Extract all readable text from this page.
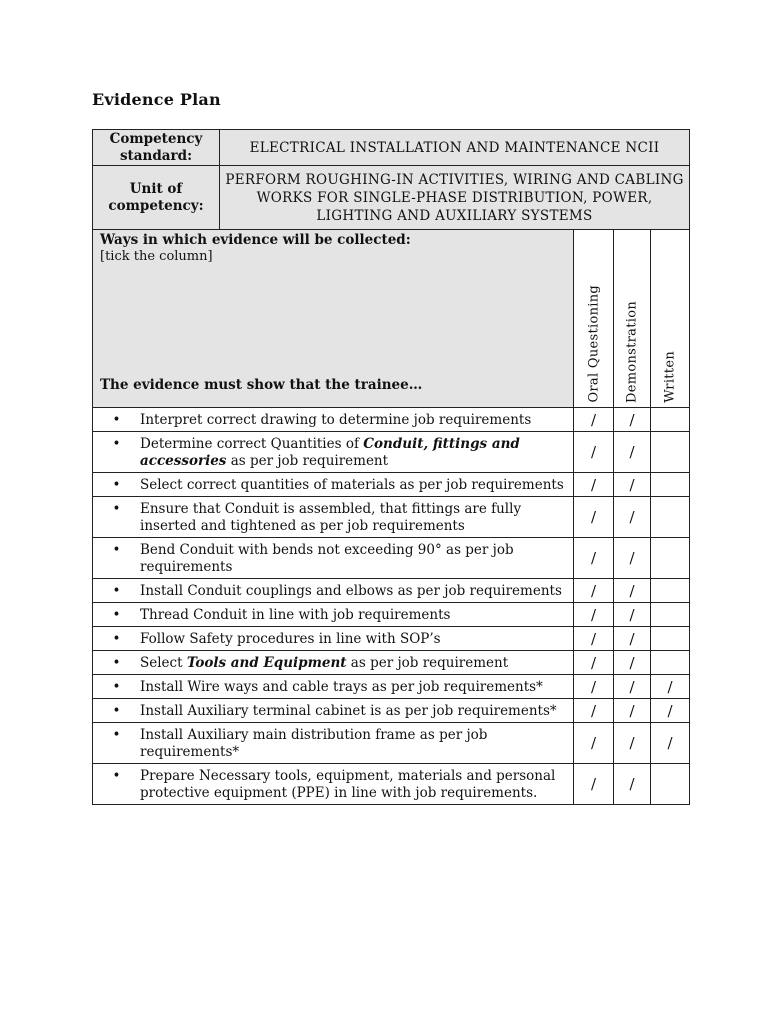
Evidence Plan
Competency standard:	ELECTRICAL INSTALLATION AND MAINTENANCE NCII			
Unit of competency:	PERFORM ROUGHING-IN ACTIVITIES, WIRING AND CABLING WORKS FOR SINGLE-PHASE DISTRIBUTION, POWER, LIGHTING AND AUXILIARY SYSTEMS			

Ways in which evidence will be collected:
[tick the column]
The evidence must show that the trainee…		Oral Questioning	Demonstration	Written

• Interpret correct drawing to determine job requirements		/	/	

• Determine correct Quantities of Conduit, fittings and accessories as per job requirement		/	/	

• Select correct quantities of materials as per job requirements		/	/	

• Ensure that Conduit is assembled, that fittings are fully inserted and tightened as per job requirements		/	/	

• Bend Conduit with bends not exceeding 90° as per job requirements		/	/	

• Install Conduit couplings and elbows as per job requirements		/	/	

• Thread Conduit in line with job requirements		/	/	

• Follow Safety procedures in line with SOP’s		/	/	

• Select Tools and Equipment as per job requirement		/	/	

• Install Wire ways and cable trays as per job requirements*		/	/	/

• Install Auxiliary terminal cabinet is as per job requirements*		/	/	/

• Install Auxiliary main distribution frame as per job requirements*		/	/	/

• Prepare Necessary tools, equipment, materials and personal protective equipment (PPE) in line with job requirements.		/	/	
